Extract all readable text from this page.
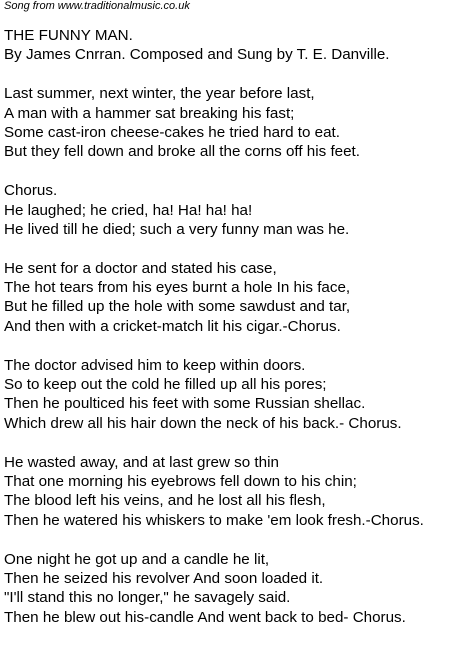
Song from www.traditionalmusic.co.uk
THE FUNNY MAN.
By James Cnrran. Composed and Sung by T. E. Danville.
Last summer, next winter, the year before last,
A man with a hammer sat breaking his fast;
Some cast-iron cheese-cakes he tried hard to eat.
But they fell down and broke all the corns off his feet.
Chorus.
He laughed; he cried, ha! Ha! ha! ha!
He lived till he died; such a very funny man was he.
He sent for a doctor and stated his case,
The hot tears from his eyes burnt a hole In his face,
But he filled up the hole with some sawdust and tar,
And then with a cricket-match lit his cigar.-Chorus.
The doctor advised him to keep within doors.
So to keep out the cold he filled up all his pores;
Then he poulticed his feet with some Russian shellac.
Which drew all his hair down the neck of his back.- Chorus.
He wasted away, and at last grew so thin
That one morning his eyebrows fell down to his chin;
The blood left his veins, and he lost all his flesh,
Then he watered his whiskers to make 'em look fresh.-Chorus.
One night he got up and a candle he lit,
Then he seized his revolver And soon loaded it.
"I'll stand this no longer," he savagely said.
Then he blew out his-candle And went back to bed- Chorus.
